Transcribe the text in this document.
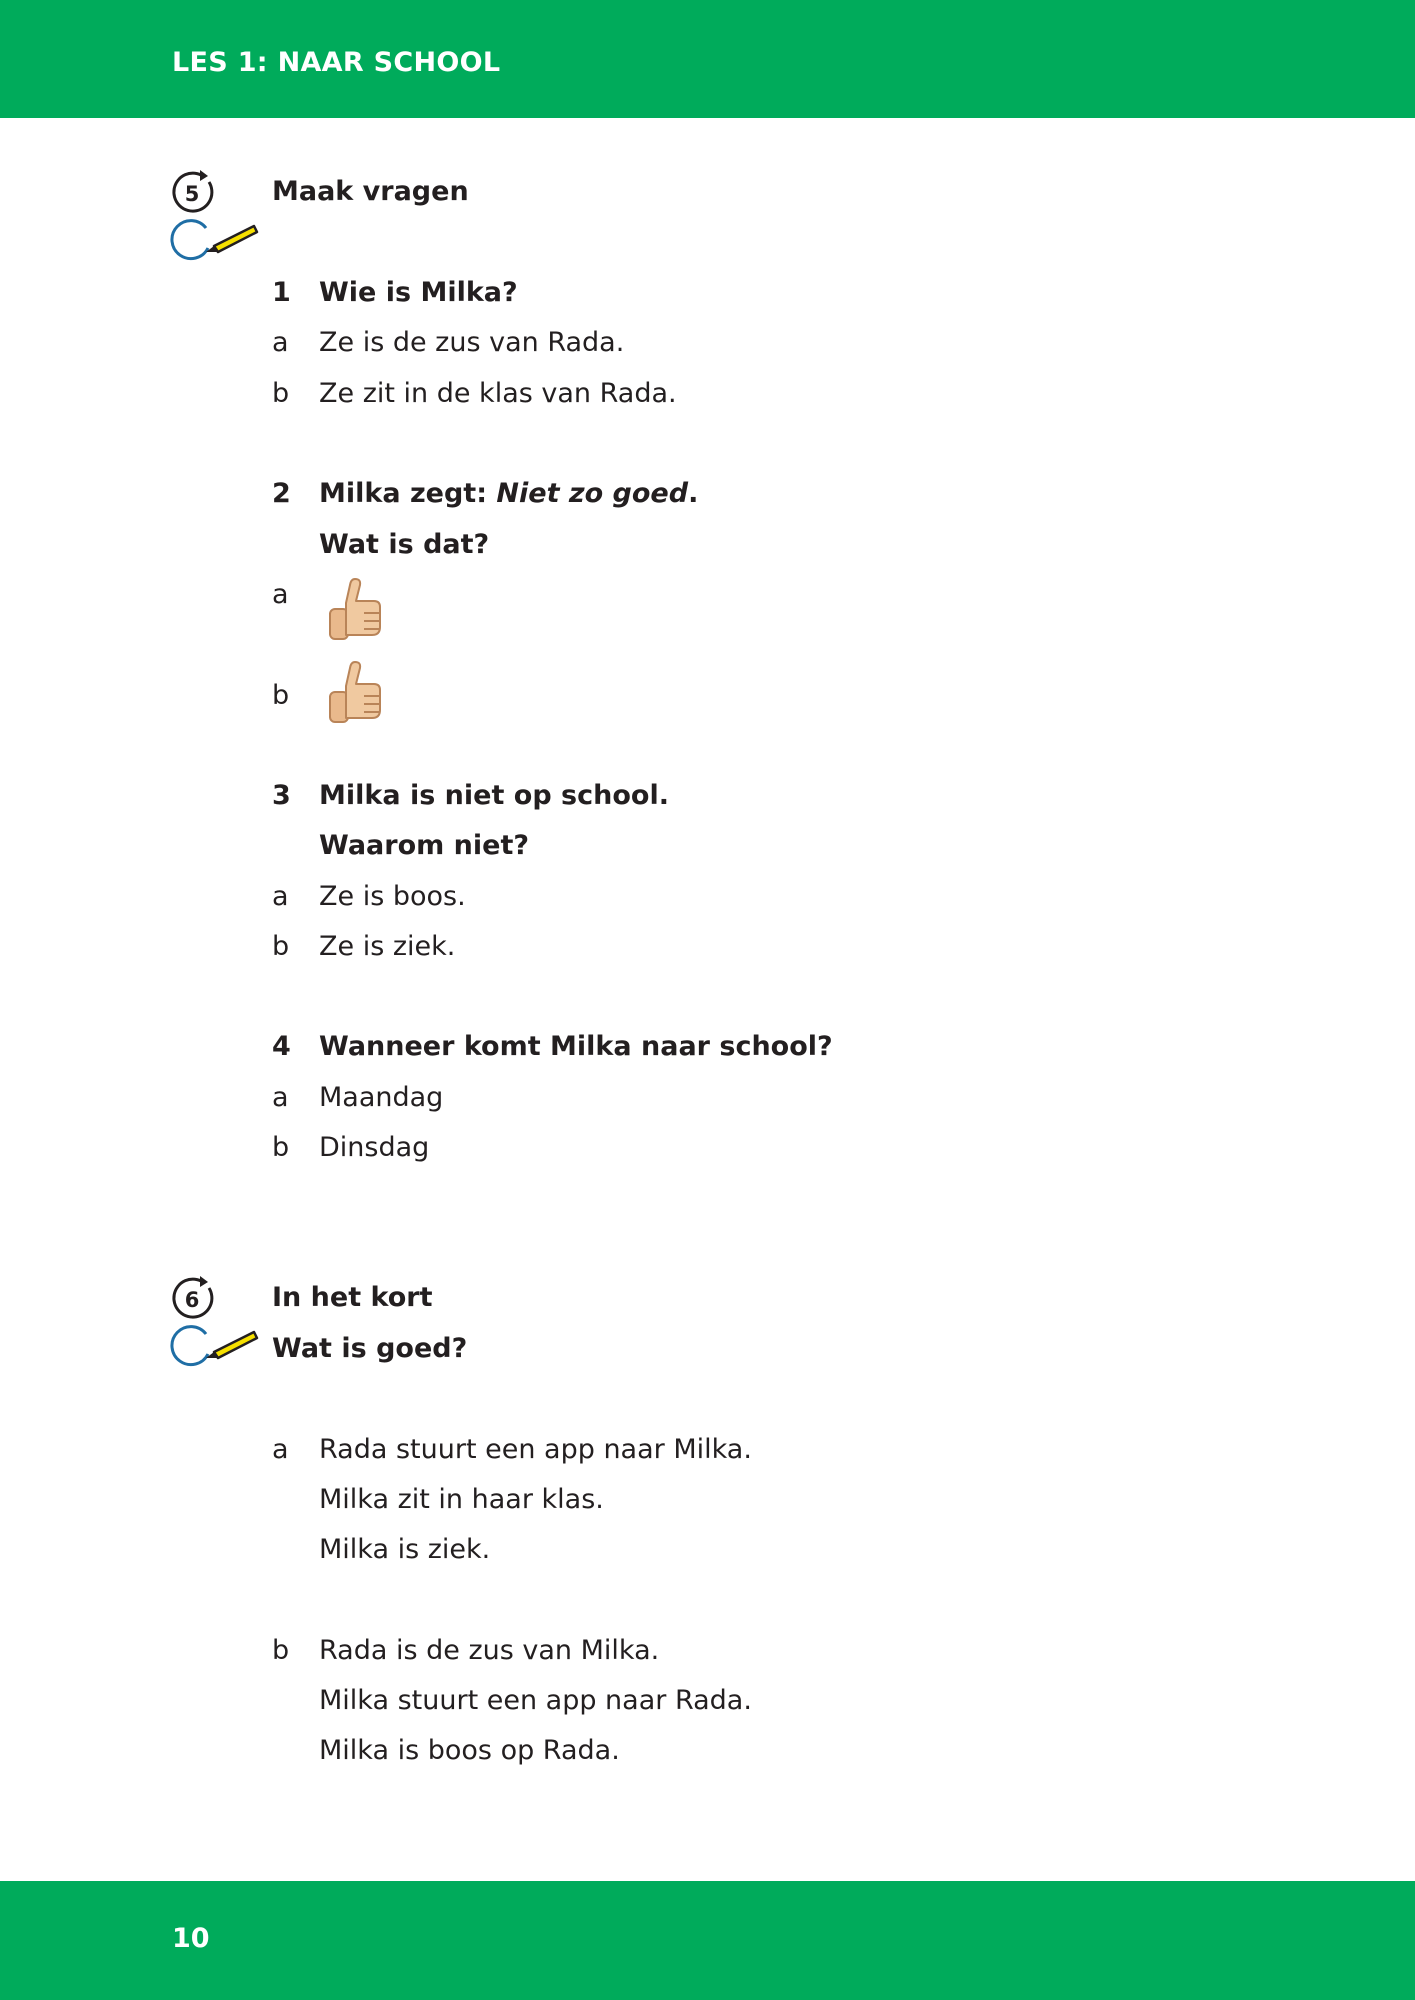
LES 1: NAAR SCHOOL
10
5	Maak vragen
1 Wie is Milka?
a Ze is de zus van Rada.
b Ze zit in de klas van Rada.
2 Milka zegt: Niet zo goed.
Wat is dat?
a
b
3 Milka is niet op school.
Waarom niet?
a Ze is boos.
b Ze is ziek.
4 Wanneer komt Milka naar school?
a Maandag
b Dinsdag
6	In het kort
Wat is goed?
a Rada stuurt een app naar Milka.
Milka zit in haar klas.
Milka is ziek.
b Rada is de zus van Milka.
Milka stuurt een app naar Rada.
Milka is boos op Rada.
